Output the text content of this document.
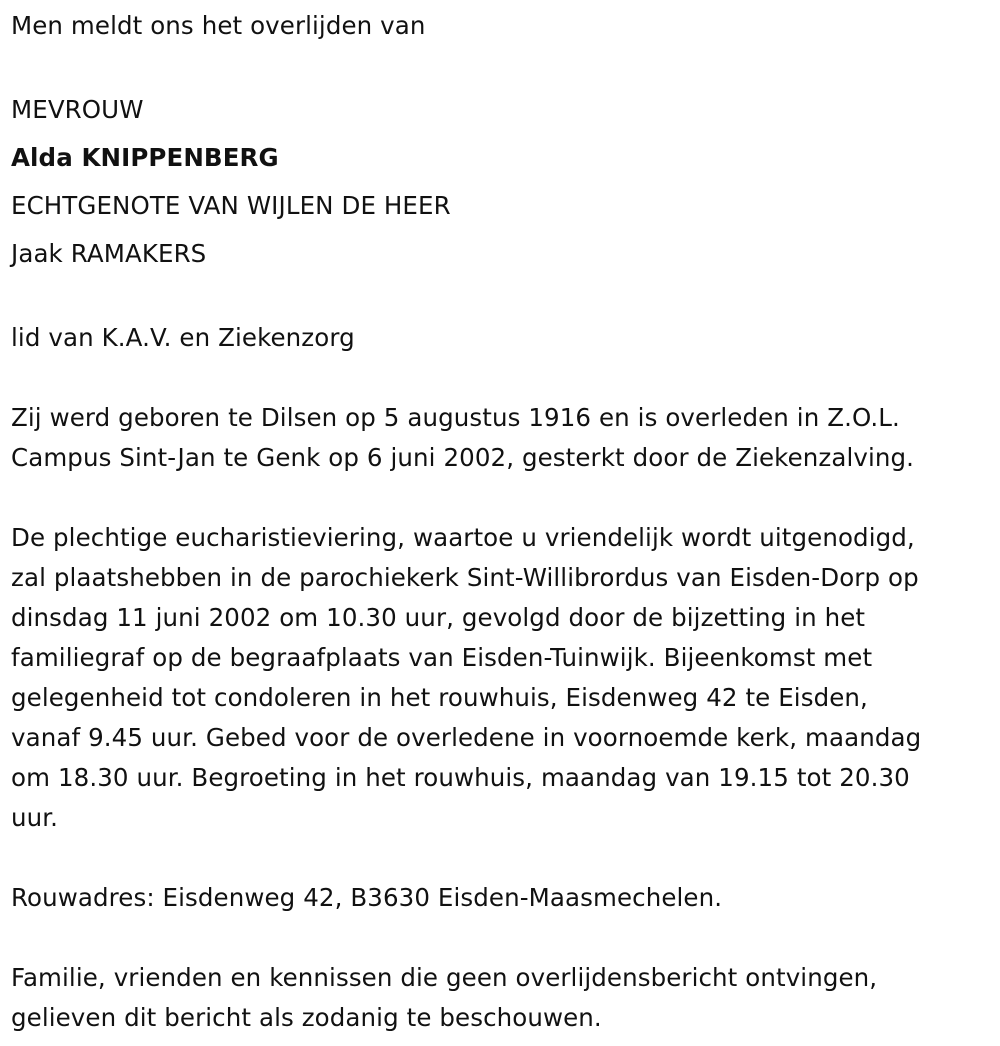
Men meldt ons het overlijden van
MEVROUW
Alda KNIPPENBERG
ECHTGENOTE VAN WIJLEN DE HEER
Jaak RAMAKERS
lid van K.A.V. en Ziekenzorg
Zij werd geboren te Dilsen op 5 augustus 1916 en is overleden in Z.O.L.
Campus Sint-Jan te Genk op 6 juni 2002, gesterkt door de Ziekenzalving.
De plechtige eucharistieviering, waartoe u vriendelijk wordt uitgenodigd,
zal plaatshebben in de parochiekerk Sint-Willibrordus van Eisden-Dorp op
dinsdag 11 juni 2002 om 10.30 uur, gevolgd door de bijzetting in het
familiegraf op de begraafplaats van Eisden-Tuinwijk. Bijeenkomst met
gelegenheid tot condoleren in het rouwhuis, Eisdenweg 42 te Eisden,
vanaf 9.45 uur. Gebed voor de overledene in voornoemde kerk, maandag
om 18.30 uur. Begroeting in het rouwhuis, maandag van 19.15 tot 20.30
uur.
Rouwadres: Eisdenweg 42, B3630 Eisden-Maasmechelen.
Familie, vrienden en kennissen die geen overlijdensbericht ontvingen,
gelieven dit bericht als zodanig te beschouwen.
